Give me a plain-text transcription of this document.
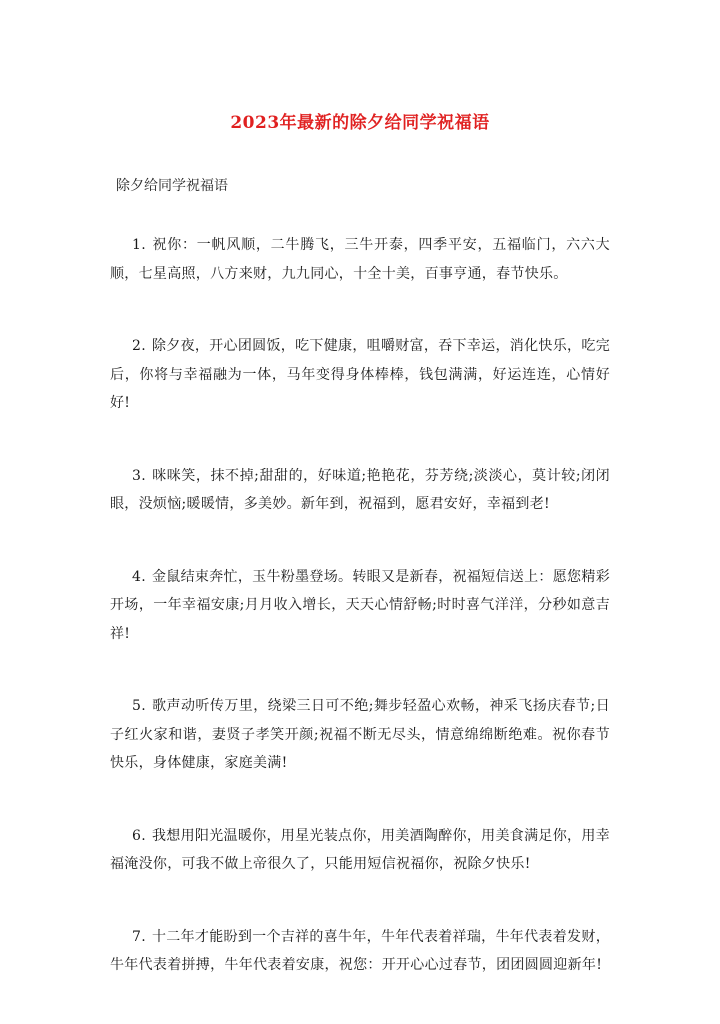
2023年最新的除夕给同学祝福语
除夕给同学祝福语

1. 祝你：一帆风顺，二牛腾飞，三牛开泰，四季平安，五福临门，六六大顺，七星高照，八方来财，九九同心，十全十美，百事亨通，春节快乐。

2. 除夕夜，开心团圆饭，吃下健康，咀嚼财富，吞下幸运，消化快乐，吃完后，你将与幸福融为一体，马年变得身体棒棒，钱包满满，好运连连，心情好好!

3. 咪咪笑，抹不掉;甜甜的，好味道;艳艳花，芬芳绕;淡淡心，莫计较;闭闭眼，没烦恼;暖暖情，多美妙。新年到，祝福到，愿君安好，幸福到老!

4. 金鼠结束奔忙，玉牛粉墨登场。转眼又是新春，祝福短信送上：愿您精彩开场，一年幸福安康;月月收入增长，天天心情舒畅;时时喜气洋洋，分秒如意吉祥!

5. 歌声动听传万里，绕梁三日可不绝;舞步轻盈心欢畅，神采飞扬庆春节;日子红火家和谐，妻贤子孝笑开颜;祝福不断无尽头，情意绵绵断绝难。祝你春节快乐，身体健康，家庭美满!

6. 我想用阳光温暖你，用星光装点你，用美酒陶醉你，用美食满足你，用幸福淹没你，可我不做上帝很久了，只能用短信祝福你，祝除夕快乐!

7. 十二年才能盼到一个吉祥的喜牛年，牛年代表着祥瑞，牛年代表着发财，牛年代表着拼搏，牛年代表着安康，祝您：开开心心过春节，团团圆圆迎新年!
